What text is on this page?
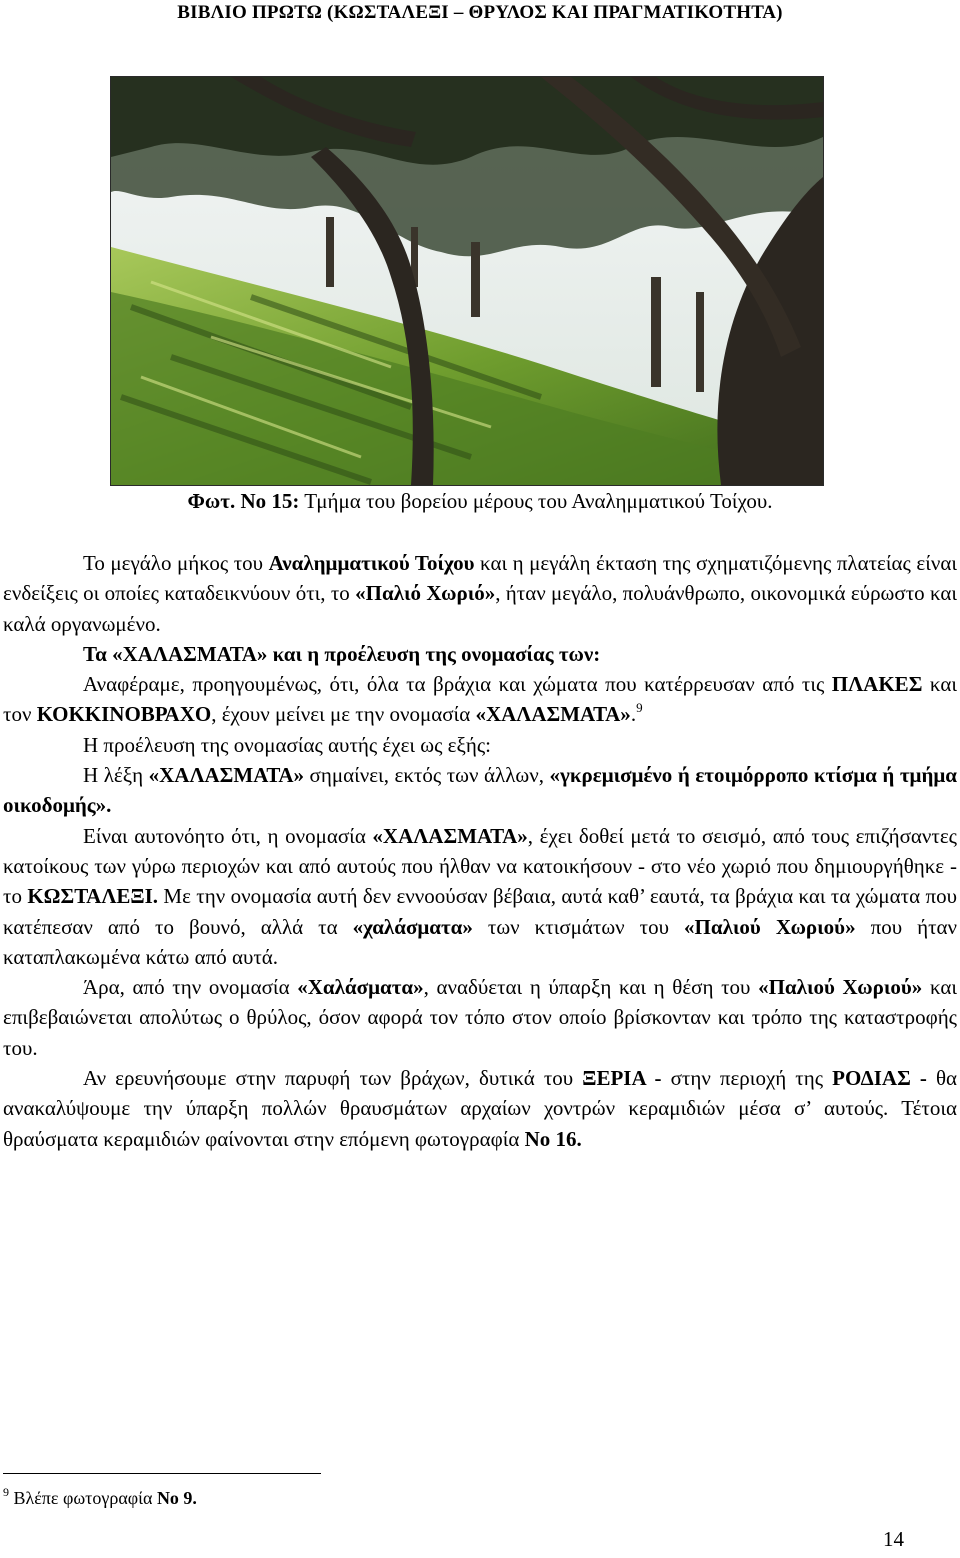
ΒΙΒΛΙΟ ΠΡΩΤΩ (ΚΩΣΤΑΛΕΞΙ – ΘΡΥΛΟΣ ΚΑΙ ΠΡΑΓΜΑΤΙΚΟΤΗΤΑ)
Φωτ. Νο 15: Τμήμα του βορείου μέρους του Αναλημματικού Τοίχου.

Το μεγάλο μήκος του Αναλημματικού Τοίχου και η μεγάλη έκταση της σχηματιζόμενης πλατείας είναι ενδείξεις οι οποίες καταδεικνύουν ότι, το «Παλιό Χωριό», ήταν μεγάλο, πολυάνθρωπο, οικονομικά εύρωστο και καλά οργανωμένο.

Τα «ΧΑΛΑΣΜΑΤΑ» και η προέλευση της ονομασίας των:

Αναφέραμε, προηγουμένως, ότι, όλα τα βράχια και χώματα που κατέρρευσαν από τις ΠΛΑΚΕΣ και τον ΚΟΚΚΙΝΟΒΡΑΧΟ, έχουν μείνει με την ονομασία «ΧΑΛΑΣΜΑΤΑ».$^9$

Η προέλευση της ονομασίας αυτής έχει ως εξής:

Η λέξη «ΧΑΛΑΣΜΑΤΑ» σημαίνει, εκτός των άλλων, «γκρεμισμένο ή ετοιμόρροπο κτίσμα ή τμήμα οικοδομής».

Είναι αυτονόητο ότι, η ονομασία «ΧΑΛΑΣΜΑΤΑ», έχει δοθεί μετά το σεισμό, από τους επιζήσαντες κατοίκους των γύρω περιοχών και από αυτούς που ήλθαν να κατοικήσουν - στο νέο χωριό που δημιουργήθηκε - το ΚΩΣΤΑΛΕΞΙ. Με την ονομασία αυτή δεν εννοούσαν βέβαια, αυτά καθ’ εαυτά, τα βράχια και τα χώματα που κατέπεσαν από το βουνό, αλλά τα «χαλάσματα» των κτισμάτων του «Παλιού Χωριού» που ήταν καταπλακωμένα κάτω από αυτά.

Άρα, από την ονομασία «Χαλάσματα», αναδύεται η ύπαρξη και η θέση του «Παλιού Χωριού» και επιβεβαιώνεται απολύτως ο θρύλος, όσον αφορά τον τόπο στον οποίο βρίσκονταν και τρόπο της καταστροφής του.

Αν ερευνήσουμε στην παρυφή των βράχων, δυτικά του ΞΕΡΙΑ - στην περιοχή της ΡΟΔΙΑΣ - θα ανακαλύψουμε την ύπαρξη πολλών θραυσμάτων αρχαίων χοντρών κεραμιδιών μέσα σ’ αυτούς. Τέτοια θραύσματα κεραμιδιών φαίνονται στην επόμενη φωτογραφία Νο 16.

$^9$ Βλέπε φωτογραφία Νο 9.
14
